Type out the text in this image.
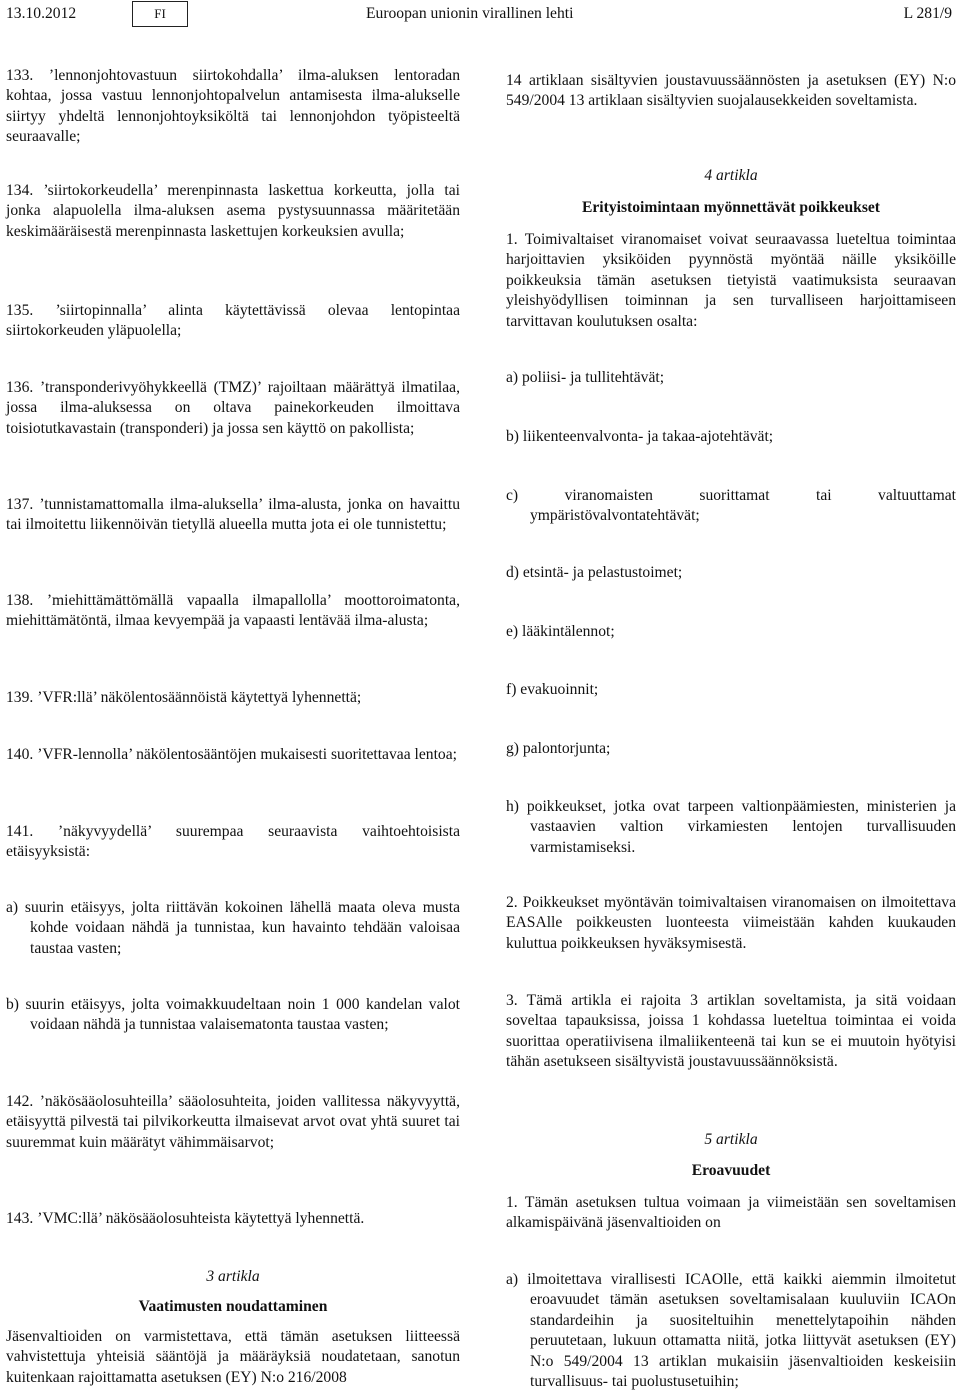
13.10.2012	FI	Euroopan unionin virallinen lehti	L 281/9
133. ’lennonjohtovastuun siirtokohdalla’ ilma-aluksen lentoradan kohtaa, jossa vastuu lennonjohtopalvelun antamisesta ilma-alukselle siirtyy yhdeltä lennonjohtoyksiköltä tai lennonjohdon työpisteeltä seuraavalle;
134. ’siirtokorkeudella’ merenpinnasta laskettua korkeutta, jolla tai jonka alapuolella ilma-aluksen asema pystysuunnassa määritetään keskimääräisestä merenpinnasta laskettujen korkeuksien avulla;
135. ’siirtopinnalla’ alinta käytettävissä olevaa lentopintaa siirtokorkeuden yläpuolella;
136. ’transponderivyöhykkeellä (TMZ)’ rajoiltaan määrättyä ilmatilaa, jossa ilma-aluksessa on oltava painekorkeuden ilmoittava toisiotutkavastain (transponderi) ja jossa sen käyttö on pakollista;
137. ’tunnistamattomalla ilma-aluksella’ ilma-alusta, jonka on havaittu tai ilmoitettu liikennöivän tietyllä alueella mutta jota ei ole tunnistettu;
138. ’miehittämättömällä vapaalla ilmapallolla’ moottoroimatonta, miehittämätöntä, ilmaa kevyempää ja vapaasti lentävää ilma-alusta;
139. ’VFR:llä’ näkölentosäännöistä käytettyä lyhennettä;
140. ’VFR-lennolla’ näkölentosääntöjen mukaisesti suoritettavaa lentoa;
141. ’näkyvyydellä’ suurempaa seuraavista vaihtoehtoisista etäisyyksistä:
a) suurin etäisyys, jolta riittävän kokoinen lähellä maata oleva musta kohde voidaan nähdä ja tunnistaa, kun havainto tehdään valoisaa taustaa vasten;
b) suurin etäisyys, jolta voimakkuudeltaan noin 1 000 kandelan valot voidaan nähdä ja tunnistaa valaisematonta taustaa vasten;
142. ’näkösääolosuhteilla’ sääolosuhteita, joiden vallitessa näkyvyyttä, etäisyyttä pilvestä tai pilvikorkeutta ilmaisevat arvot ovat yhtä suuret tai suuremmat kuin määrätyt vähimmäisarvot;
143. ’VMC:llä’ näkösääolosuhteista käytettyä lyhennettä.
3 artikla
Vaatimusten noudattaminen
Jäsenvaltioiden on varmistettava, että tämän asetuksen liitteessä vahvistettuja yhteisiä sääntöjä ja määräyksiä noudatetaan, sanotun kuitenkaan rajoittamatta asetuksen (EY) N:o 216/2008
14 artiklaan sisältyvien joustavuussäännösten ja asetuksen (EY) N:o 549/2004 13 artiklaan sisältyvien suojalausekkeiden soveltamista.
4 artikla
Erityistoimintaan myönnettävät poikkeukset
1. Toimivaltaiset viranomaiset voivat seuraavassa lueteltua toimintaa harjoittavien yksiköiden pyynnöstä myöntää näille yksiköille poikkeuksia tämän asetuksen tietyistä vaatimuksista seuraavan yleishyödyllisen toiminnan ja sen turvalliseen harjoittamiseen tarvittavan koulutuksen osalta:
a) poliisi- ja tullitehtävät;
b) liikenteenvalvonta- ja takaa-ajotehtävät;
c) viranomaisten suorittamat tai valtuuttamat ympäristövalvontatehtävät;
d) etsintä- ja pelastustoimet;
e) lääkintälennot;
f) evakuoinnit;
g) palontorjunta;
h) poikkeukset, jotka ovat tarpeen valtionpäämiesten, ministerien ja vastaavien valtion virkamiesten lentojen turvallisuuden varmistamiseksi.
2. Poikkeukset myöntävän toimivaltaisen viranomaisen on ilmoitettava EASAlle poikkeusten luonteesta viimeistään kahden kuukauden kuluttua poikkeuksen hyväksymisestä.
3. Tämä artikla ei rajoita 3 artiklan soveltamista, ja sitä voidaan soveltaa tapauksissa, joissa 1 kohdassa lueteltua toimintaa ei voida suorittaa operatiivisena ilmaliikenteenä tai kun se ei muutoin hyötyisi tähän asetukseen sisältyvistä joustavuussäännöksistä.
5 artikla
Eroavuudet
1. Tämän asetuksen tultua voimaan ja viimeistään sen soveltamisen alkamispäivänä jäsenvaltioiden on
a) ilmoitettava virallisesti ICAOlle, että kaikki aiemmin ilmoitetut eroavuudet tämän asetuksen soveltamisalaan kuuluviin ICAOn standardeihin ja suositeltuihin menettelytapoihin nähden peruutetaan, lukuun ottamatta niitä, jotka liittyvät asetuksen (EY) N:o 549/2004 13 artiklan mukaisiin jäsenvaltioiden keskeisiin turvallisuus- tai puolustusetuihin;
